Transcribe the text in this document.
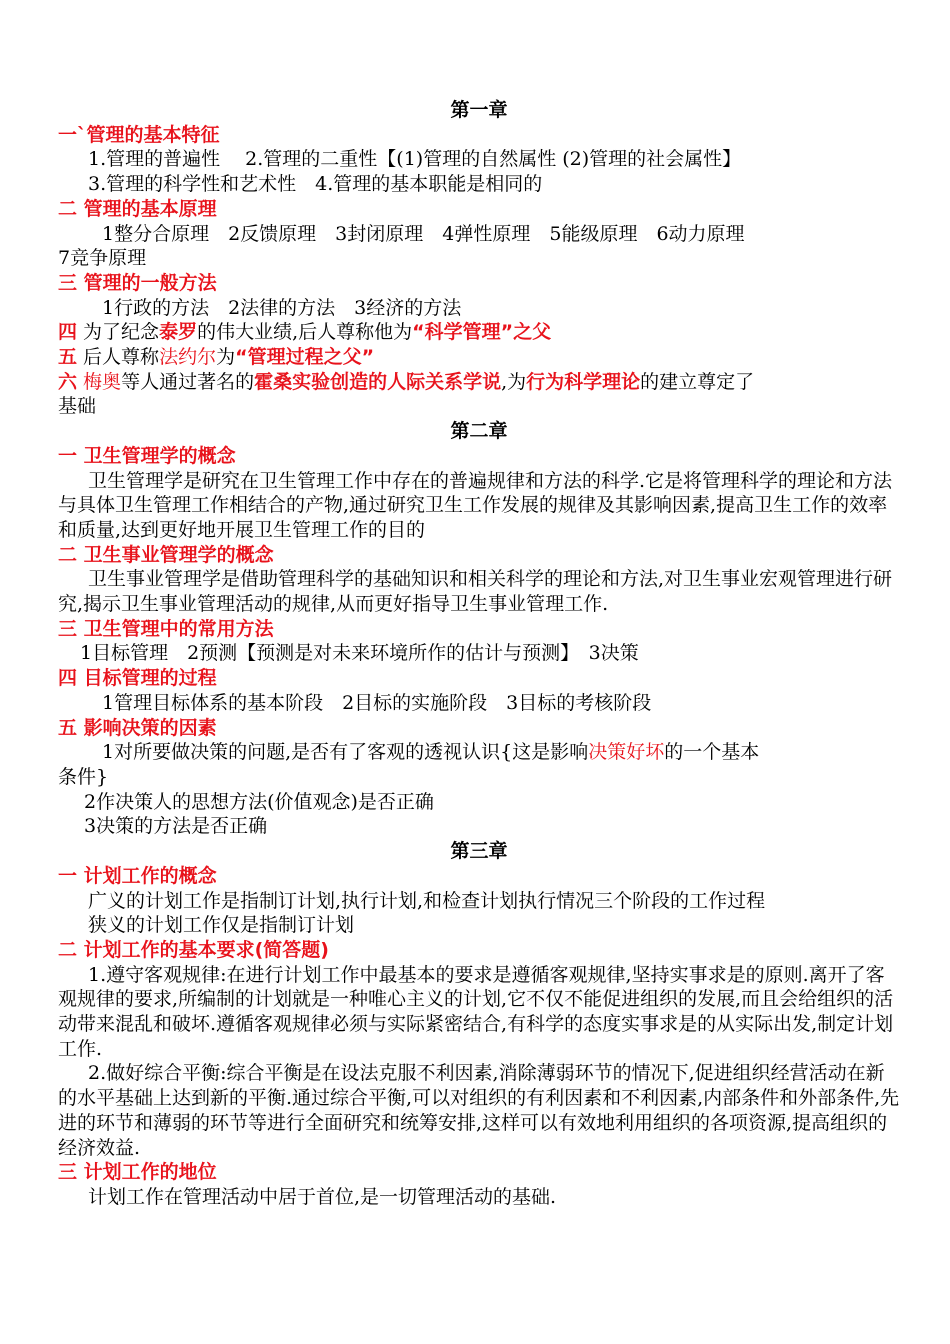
第一章

一`管理的基本特征

1.管理的普遍性　 2.管理的二重性【(1)管理的自然属性 (2)管理的社会属性】

3.管理的科学性和艺术性　4.管理的基本职能是相同的

二 管理的基本原理

1整分合原理　2反馈原理　3封闭原理　4弹性原理　5能级原理　6动力原理

7竞争原理

三 管理的一般方法

1行政的方法　2法律的方法　3经济的方法

四 为了纪念泰罗的伟大业绩,后人尊称他为“科学管理”之父

五 后人尊称法约尔为“管理过程之父”

六 梅奥等人通过著名的霍桑实验创造的人际关系学说,为行为科学理论的建立尊定了

基础

第二章

一 卫生管理学的概念

卫生管理学是研究在卫生管理工作中存在的普遍规律和方法的科学.它是将管理科学的理论和方法与具体卫生管理工作相结合的产物,通过研究卫生工作发展的规律及其影响因素,提高卫生工作的效率和质量,达到更好地开展卫生管理工作的目的

二 卫生事业管理学的概念

卫生事业管理学是借助管理科学的基础知识和相关科学的理论和方法,对卫生事业宏观管理进行研究,揭示卫生事业管理活动的规律,从而更好指导卫生事业管理工作.

三 卫生管理中的常用方法

1目标管理　2预测【预测是对未来环境所作的估计与预测】　3决策

四 目标管理的过程

1管理目标体系的基本阶段　2目标的实施阶段　3目标的考核阶段

五 影响决策的因素

1对所要做决策的问题,是否有了客观的透视认识{这是影响决策好坏的一个基本

条件}

2作决策人的思想方法(价值观念)是否正确

3决策的方法是否正确

第三章

一 计划工作的概念

广义的计划工作是指制订计划,执行计划,和检查计划执行情况三个阶段的工作过程

狭义的计划工作仅是指制订计划

二 计划工作的基本要求(简答题)

1.遵守客观规律:在进行计划工作中最基本的要求是遵循客观规律,坚持实事求是的原则.离开了客观规律的要求,所编制的计划就是一种唯心主义的计划,它不仅不能促进组织的发展,而且会给组织的活动带来混乱和破坏.遵循客观规律必须与实际紧密结合,有科学的态度实事求是的从实际出发,制定计划工作.

2.做好综合平衡:综合平衡是在设法克服不利因素,消除薄弱环节的情况下,促进组织经营活动在新的水平基础上达到新的平衡.通过综合平衡,可以对组织的有利因素和不利因素,内部条件和外部条件,先进的环节和薄弱的环节等进行全面研究和统筹安排,这样可以有效地利用组织的各项资源,提高组织的经济效益.

三 计划工作的地位

计划工作在管理活动中居于首位,是一切管理活动的基础.
